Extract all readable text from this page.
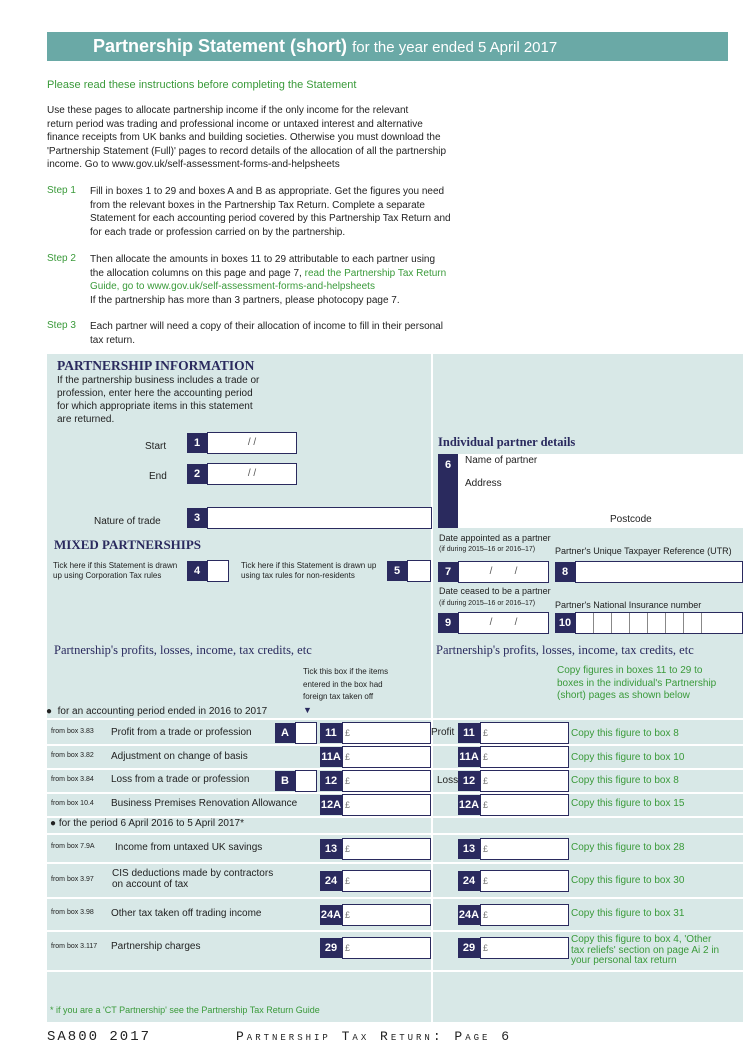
Partnership Statement (short) for the year ended 5 April 2017
Please read these instructions before completing the Statement
Use these pages to allocate partnership income if the only income for the relevant
return period was trading and professional income or untaxed interest and alternative
finance receipts from UK banks and building societies. Otherwise you must download the
'Partnership Statement (Full)' pages to record details of the allocation of all the partnership
income. Go to www.gov.uk/self-assessment-forms-and-helpsheets
Step 1 Fill in boxes 1 to 29 and boxes A and B as appropriate. Get the figures you need
from the relevant boxes in the Partnership Tax Return. Complete a separate
Statement for each accounting period covered by this Partnership Tax Return and
for each trade or profession carried on by the partnership.
Step 2 Then allocate the amounts in boxes 11 to 29 attributable to each partner using
the allocation columns on this page and page 7, read the Partnership Tax Return
Guide, go to www.gov.uk/self-assessment-forms-and-helpsheets
If the partnership has more than 3 partners, please photocopy page 7.
Step 3 Each partner will need a copy of their allocation of income to fill in their personal
tax return.
PARTNERSHIP INFORMATION
If the partnership business includes a trade or
profession, enter here the accounting period
for which appropriate items in this statement
are returned.
Start	1	/ /
End	2	/ /
Nature of trade	3
MIXED PARTNERSHIPS
Tick here if this Statement is drawn
up using Corporation Tax rules	4	Tick here if this Statement is drawn up
using tax rules for non-residents	5
Individual partner details
6	Name of partner
Address
Postcode
Date appointed as a partner
(if during 2015–16 or 2016–17) Partner's Unique Taxpayer Reference (UTR)
7	/        /	8
Date ceased to be a partner
(if during 2015–16 or 2016–17) Partner's National Insurance number
9	/        /	10
Partnership's profits, losses, income, tax credits, etc	Partnership's profits, losses, income, tax credits, etc
Tick this box if the items
entered in the box had
foreign tax taken off
▼
Copy figures in boxes 11 to 29 to
boxes in the individual's Partnership
(short) pages as shown below
●  for an accounting period ended in 2016 to 2017
from box 3.83 Profit from a trade or profession	A	11 £	Profit 11 £	Copy this figure to box 8
from box 3.82 Adjustment on change of basis	11A £	11A £	Copy this figure to box 10
from box 3.84 Loss from a trade or profession	B	12 £	Loss 12 £	Copy this figure to box 8
from box 10.4 Business Premises Renovation Allowance 12A £	12A £	Copy this figure to box 15
● for the period 6 April 2016 to 5 April 2017*
from box 7.9A Income from untaxed UK savings	13 £	13 £	Copy this figure to box 28
from box 3.97
CIS deductions made by contractors
on account of tax	24 £	24 £	Copy this figure to box 30
from box 3.98 Other tax taken off trading income	24A £	24A £	Copy this figure to box 31
from box 3.117 Partnership charges	29 £	29 £
Copy this figure to box 4, 'Other
tax reliefs' section on page Ai 2 in
your personal tax return
* if you are a 'CT Partnership' see the Partnership Tax Return Guide
SA800 2017	Partnership Tax Return: Page 6
